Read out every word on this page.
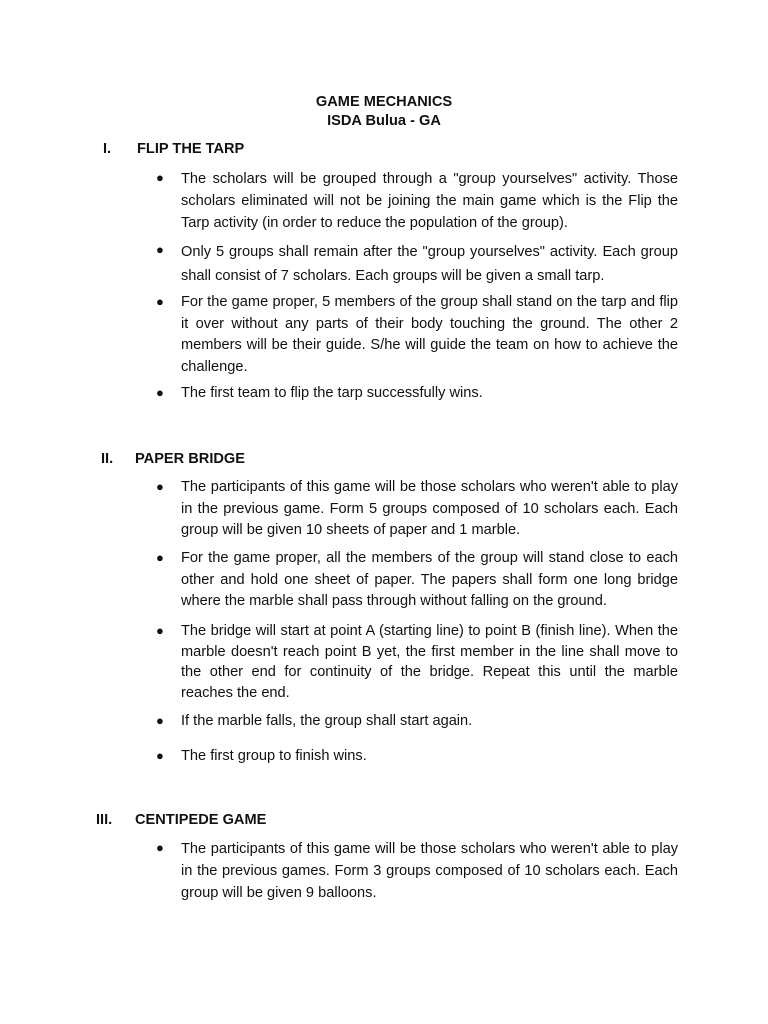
GAME MECHANICS
ISDA Bulua - GA
I.	FLIP THE TARP
● The scholars will be grouped through a "group yourselves" activity. Those scholars eliminated will not be joining the main game which is the Flip the Tarp activity (in order to reduce the population of the group).
● Only 5 groups shall remain after the "group yourselves" activity. Each group shall consist of 7 scholars. Each groups will be given a small tarp.
● For the game proper, 5 members of the group shall stand on the tarp and flip it over without any parts of their body touching the ground. The other 2 members will be their guide. S/he will guide the team on how to achieve the challenge.
● The first team to flip the tarp successfully wins.
II.	PAPER BRIDGE
● The participants of this game will be those scholars who weren't able to play in the previous game. Form 5 groups composed of 10 scholars each. Each group will be given 10 sheets of paper and 1 marble.
● For the game proper, all the members of the group will stand close to each other and hold one sheet of paper. The papers shall form one long bridge where the marble shall pass through without falling on the ground.
● The bridge will start at point A (starting line) to point B (finish line). When the marble doesn't reach point B yet, the first member in the line shall move to the other end for continuity of the bridge. Repeat this until the marble reaches the end.
● If the marble falls, the group shall start again.
● The first group to finish wins.
III.	CENTIPEDE GAME
● The participants of this game will be those scholars who weren't able to play in the previous games. Form 3 groups composed of 10 scholars each. Each group will be given 9 balloons.
